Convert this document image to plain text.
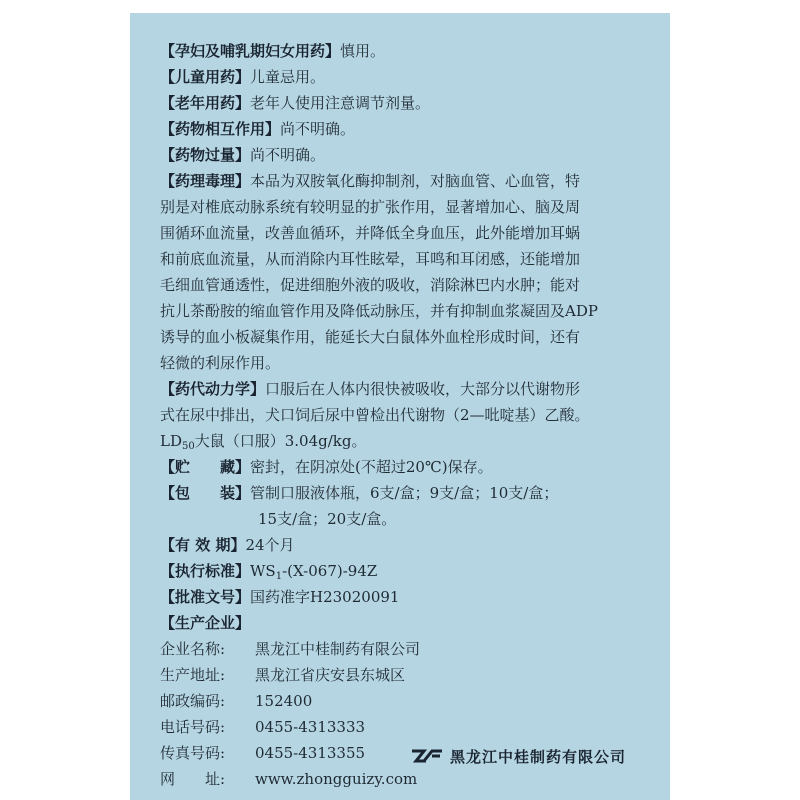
【孕妇及哺乳期妇女用药】慎用。
【儿童用药】儿童忌用。
【老年用药】老年人使用注意调节剂量。
【药物相互作用】尚不明确。
【药物过量】尚不明确。
【药理毒理】本品为双胺氧化酶抑制剂，对脑血管、心血管，特
别是对椎底动脉系统有较明显的扩张作用，显著增加心、脑及周
围循环血流量，改善血循环，并降低全身血压，此外能增加耳蜗
和前底血流量，从而消除内耳性眩晕，耳鸣和耳闭感，还能增加
毛细血管通透性，促进细胞外液的吸收，消除淋巴内水肿；能对
抗儿茶酚胺的缩血管作用及降低动脉压，并有抑制血浆凝固及ADP
诱导的血小板凝集作用，能延长大白鼠体外血栓形成时间，还有
轻微的利尿作用。
【药代动力学】口服后在人体内很快被吸收，大部分以代谢物形
式在尿中排出，犬口饲后尿中曾检出代谢物（2—吡啶基）乙酸。
$LD_{50}$大鼠（口服）3.04g/kg。
【贮　　藏】密封，在阴凉处(不超过20℃)保存。
【包　　装】管制口服液体瓶，6支/盒；9支/盒；10支/盒；
15支/盒；20支/盒。
【有 效 期】24个月
【执行标准】$WS_1-(X-067)-94Z$
【批准文号】国药准字H23020091
【生产企业】
企业名称: 黑龙江中桂制药有限公司
生产地址: 黑龙江省庆安县东城区
邮政编码: 152400
电话号码: 0455-4313333
传真号码: 0455-4313355
网　　址: www.zhongguizy.com
黑龙江中桂制药有限公司
